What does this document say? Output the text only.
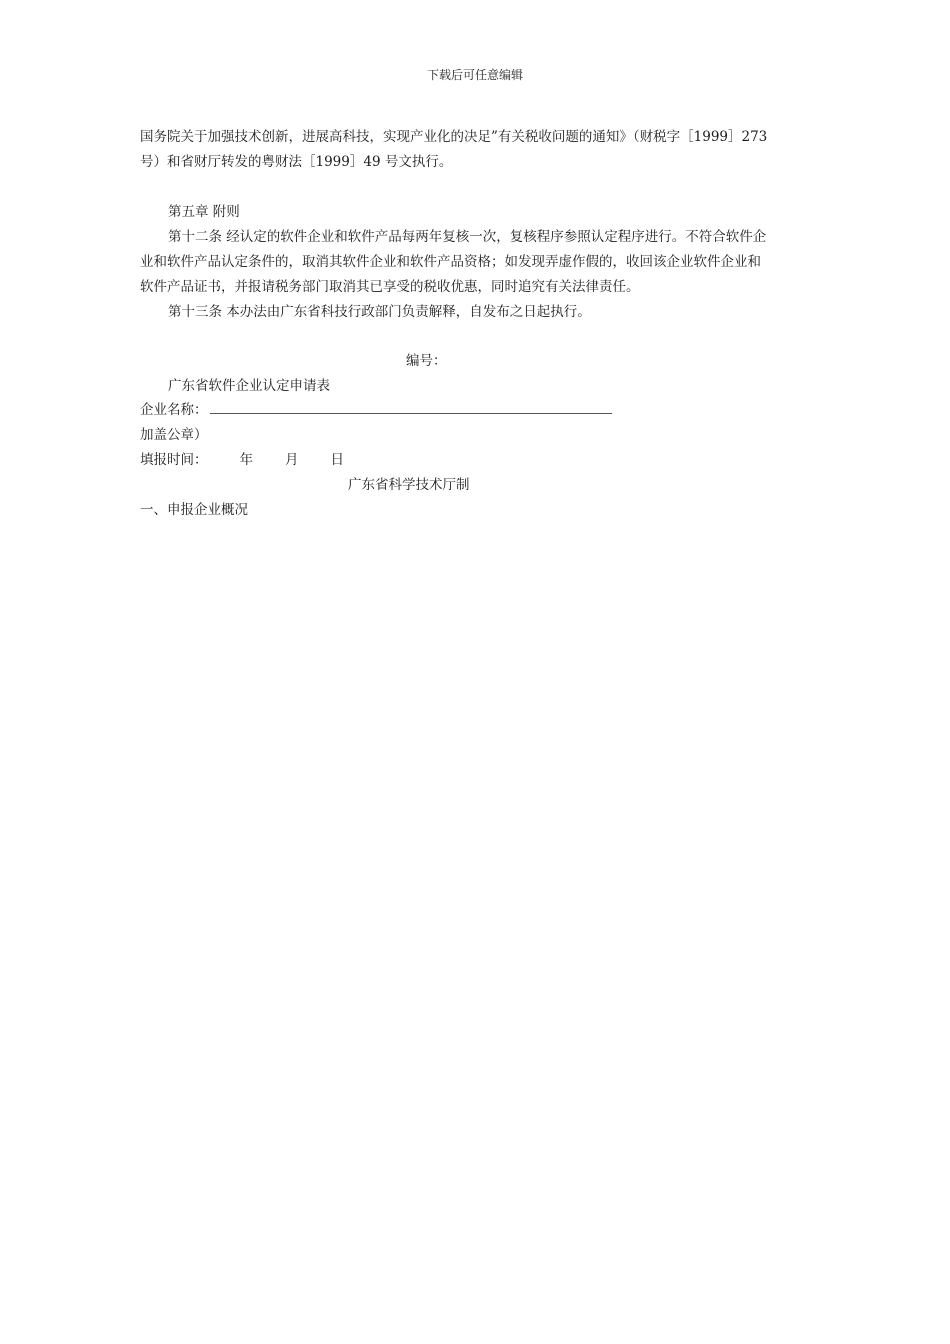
下载后可任意编辑

国务院关于加强技术创新，进展高科技，实现产业化的决足”有关税收问题的通知》（财税字［1999］273

号）和省财厅转发的粤财法［1999］49 号文执行。

第五章 附则

第十二条 经认定的软件企业和软件产品每两年复核一次，复核程序参照认定程序进行。不符合软件企

业和软件产品认定条件的，取消其软件企业和软件产品资格；如发现弄虚作假的，收回该企业软件企业和

软件产品证书，并报请税务部门取消其已享受的税收优惠，同时追究有关法律责任。

第十三条 本办法由广东省科技行政部门负责解释，自发布之日起执行。

编号：

广东省软件企业认定申请表

企业名称：

加盖公章）

填报时间： 年 月 日

广东省科学技术厅制

一、申报企业概况
